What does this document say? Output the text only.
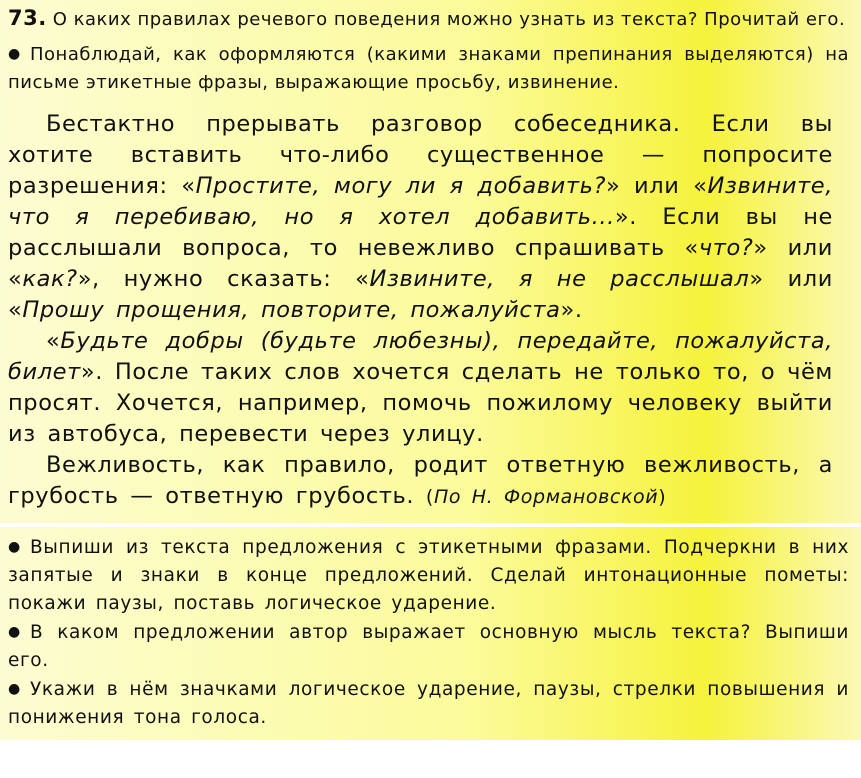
73. О каких правилах речевого поведения можно узнать из текста? Прочитай его.

● Понаблюдай, как оформляются (какими знаками препинания выделяются) на письме этикетные фразы, выражающие просьбу, извинение.

Бестактно прерывать разговор собеседника. Если вы хотите вставить что-либо существенное — попросите разрешения: «Простите, могу ли я добавить?» или «Извините, что я перебиваю, но я хотел добавить...». Если вы не расслышали вопроса, то невежливо спрашивать «что?» или «как?», нужно сказать: «Извините, я не расслышал» или «Прошу прощения, повторите, пожалуйста».

«Будьте добры (будьте любезны), передайте, пожалуйста, билет». После таких слов хочется сделать не только то, о чём просят. Хочется, например, помочь пожилому человеку выйти из автобуса, перевести через улицу.

Вежливость, как правило, родит ответную вежливость, а грубость — ответную грубость. (По Н. Формановской)

● Выпиши из текста предложения с этикетными фразами. Подчеркни в них запятые и знаки в конце предложений. Сделай интонационные пометы: покажи паузы, поставь логическое ударение.

● В каком предложении автор выражает основную мысль текста? Выпиши его.

● Укажи в нём значками логическое ударение, паузы, стрелки повышения и понижения тона голоса.
